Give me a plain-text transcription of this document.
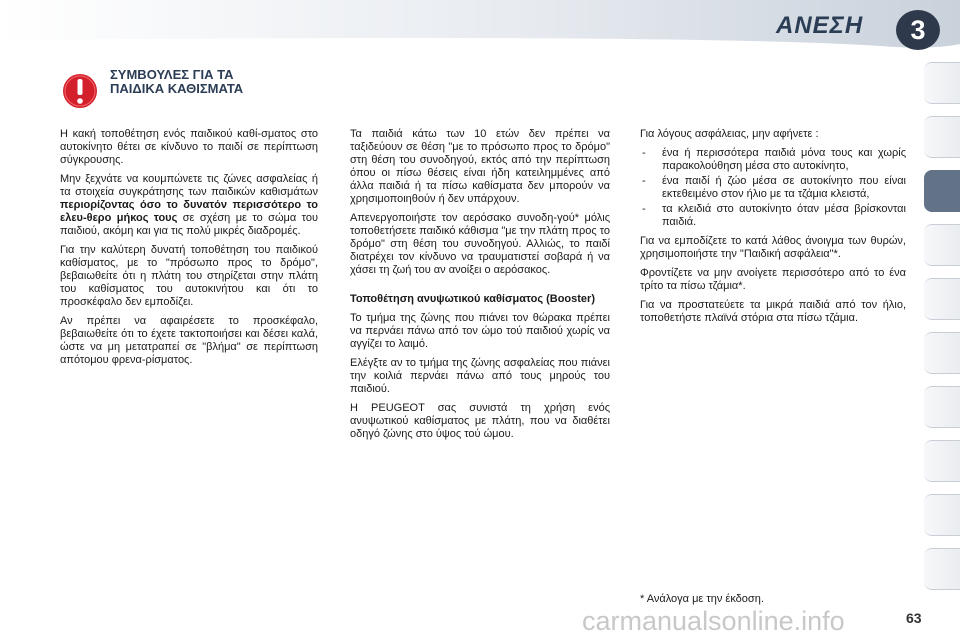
ΑΝΕΣΗ	3
ΣΥΜΒΟΥΛΕΣ ΓΙΑ ΤΑ
ΠΑΙΔΙΚΑ ΚΑΘΙΣΜΑΤΑ

Η κακή τοποθέτηση ενός παιδικού καθί-σματος στο αυτοκίνητο θέτει σε κίνδυνο το παιδί σε περίπτωση σύγκρουσης.

Μην ξεχνάτε να κουμπώνετε τις ζώνες ασφαλείας ή τα στοιχεία συγκράτησης των παιδικών καθισμάτων περιορίζοντας όσο το δυνατόν περισσότερο το ελευ-θερο μήκος τους σε σχέση με το σώμα του παιδιού, ακόμη και για τις πολύ μικρές διαδρομές.

Για την καλύτερη δυνατή τοποθέτηση του παιδικού καθίσματος, με το "πρόσωπο προς το δρόμο", βεβαιωθείτε ότι η πλάτη του στηρίζεται στην πλάτη του καθίσματος του αυτοκινήτου και ότι το προσκέφαλο δεν εμποδίζει.

Αν πρέπει να αφαιρέσετε το προσκέφαλο, βεβαιωθείτε ότι το έχετε τακτοποιήσει και δέσει καλά, ώστε να μη μετατραπεί σε "βλήμα" σε περίπτωση απότομου φρενα-ρίσματος.

Τα παιδιά κάτω των 10 ετών δεν πρέπει να ταξιδεύουν σε θέση "με το πρόσωπο προς το δρόμο" στη θέση του συνοδηγού, εκτός από την περίπτωση όπου οι πίσω θέσεις είναι ήδη κατειλημμένες από άλλα παιδιά ή τα πίσω καθίσματα δεν μπορούν να χρησιμοποιηθούν ή δεν υπάρχουν.

Απενεργοποιήστε τον αερόσακο συνοδη-γού* μόλις τοποθετήσετε παιδικό κάθισμα "με την πλάτη προς το δρόμο" στη θέση του συνοδηγού. Αλλιώς, το παιδί διατρέχει τον κίνδυνο να τραυματιστεί σοβαρά ή να χάσει τη ζωή του αν ανοίξει ο αερόσακος.

Τοποθέτηση ανυψωτικού καθίσματος (Booster)

Το τμήμα της ζώνης που πιάνει τον θώρακα πρέπει να περνάει πάνω από τον ώμο τού παιδιού χωρίς να αγγίζει το λαιμό.

Ελέγξτε αν το τμήμα της ζώνης ασφαλείας που πιάνει την κοιλιά περνάει πάνω από τους μηρούς του παιδιού.

Η PEUGEOT σας συνιστά τη χρήση ενός ανυψωτικού καθίσματος με πλάτη, που να διαθέτει οδηγό ζώνης στο ύψος τού ώμου.

Για λόγους ασφάλειας, μην αφήνετε :

- ένα ή περισσότερα παιδιά μόνα τους και χωρίς παρακολούθηση μέσα στο αυτοκίνητο,
- ένα παιδί ή ζώο μέσα σε αυτοκίνητο που είναι εκτεθειμένο στον ήλιο με τα τζάμια κλειστά,
- τα κλειδιά στο αυτοκίνητο όταν μέσα βρίσκονται παιδιά.

Για να εμποδίζετε το κατά λάθος άνοιγμα των θυρών, χρησιμοποιήστε την "Παιδική ασφάλεια"*.

Φροντίζετε να μην ανοίγετε περισσότερο από το ένα τρίτο τα πίσω τζάμια*.

Για να προστατεύετε τα μικρά παιδιά από τον ήλιο, τοποθετήστε πλαϊνά στόρια στα πίσω τζάμια.

* Ανάλογα με την έκδοση.
carmanualsonline.info	63
